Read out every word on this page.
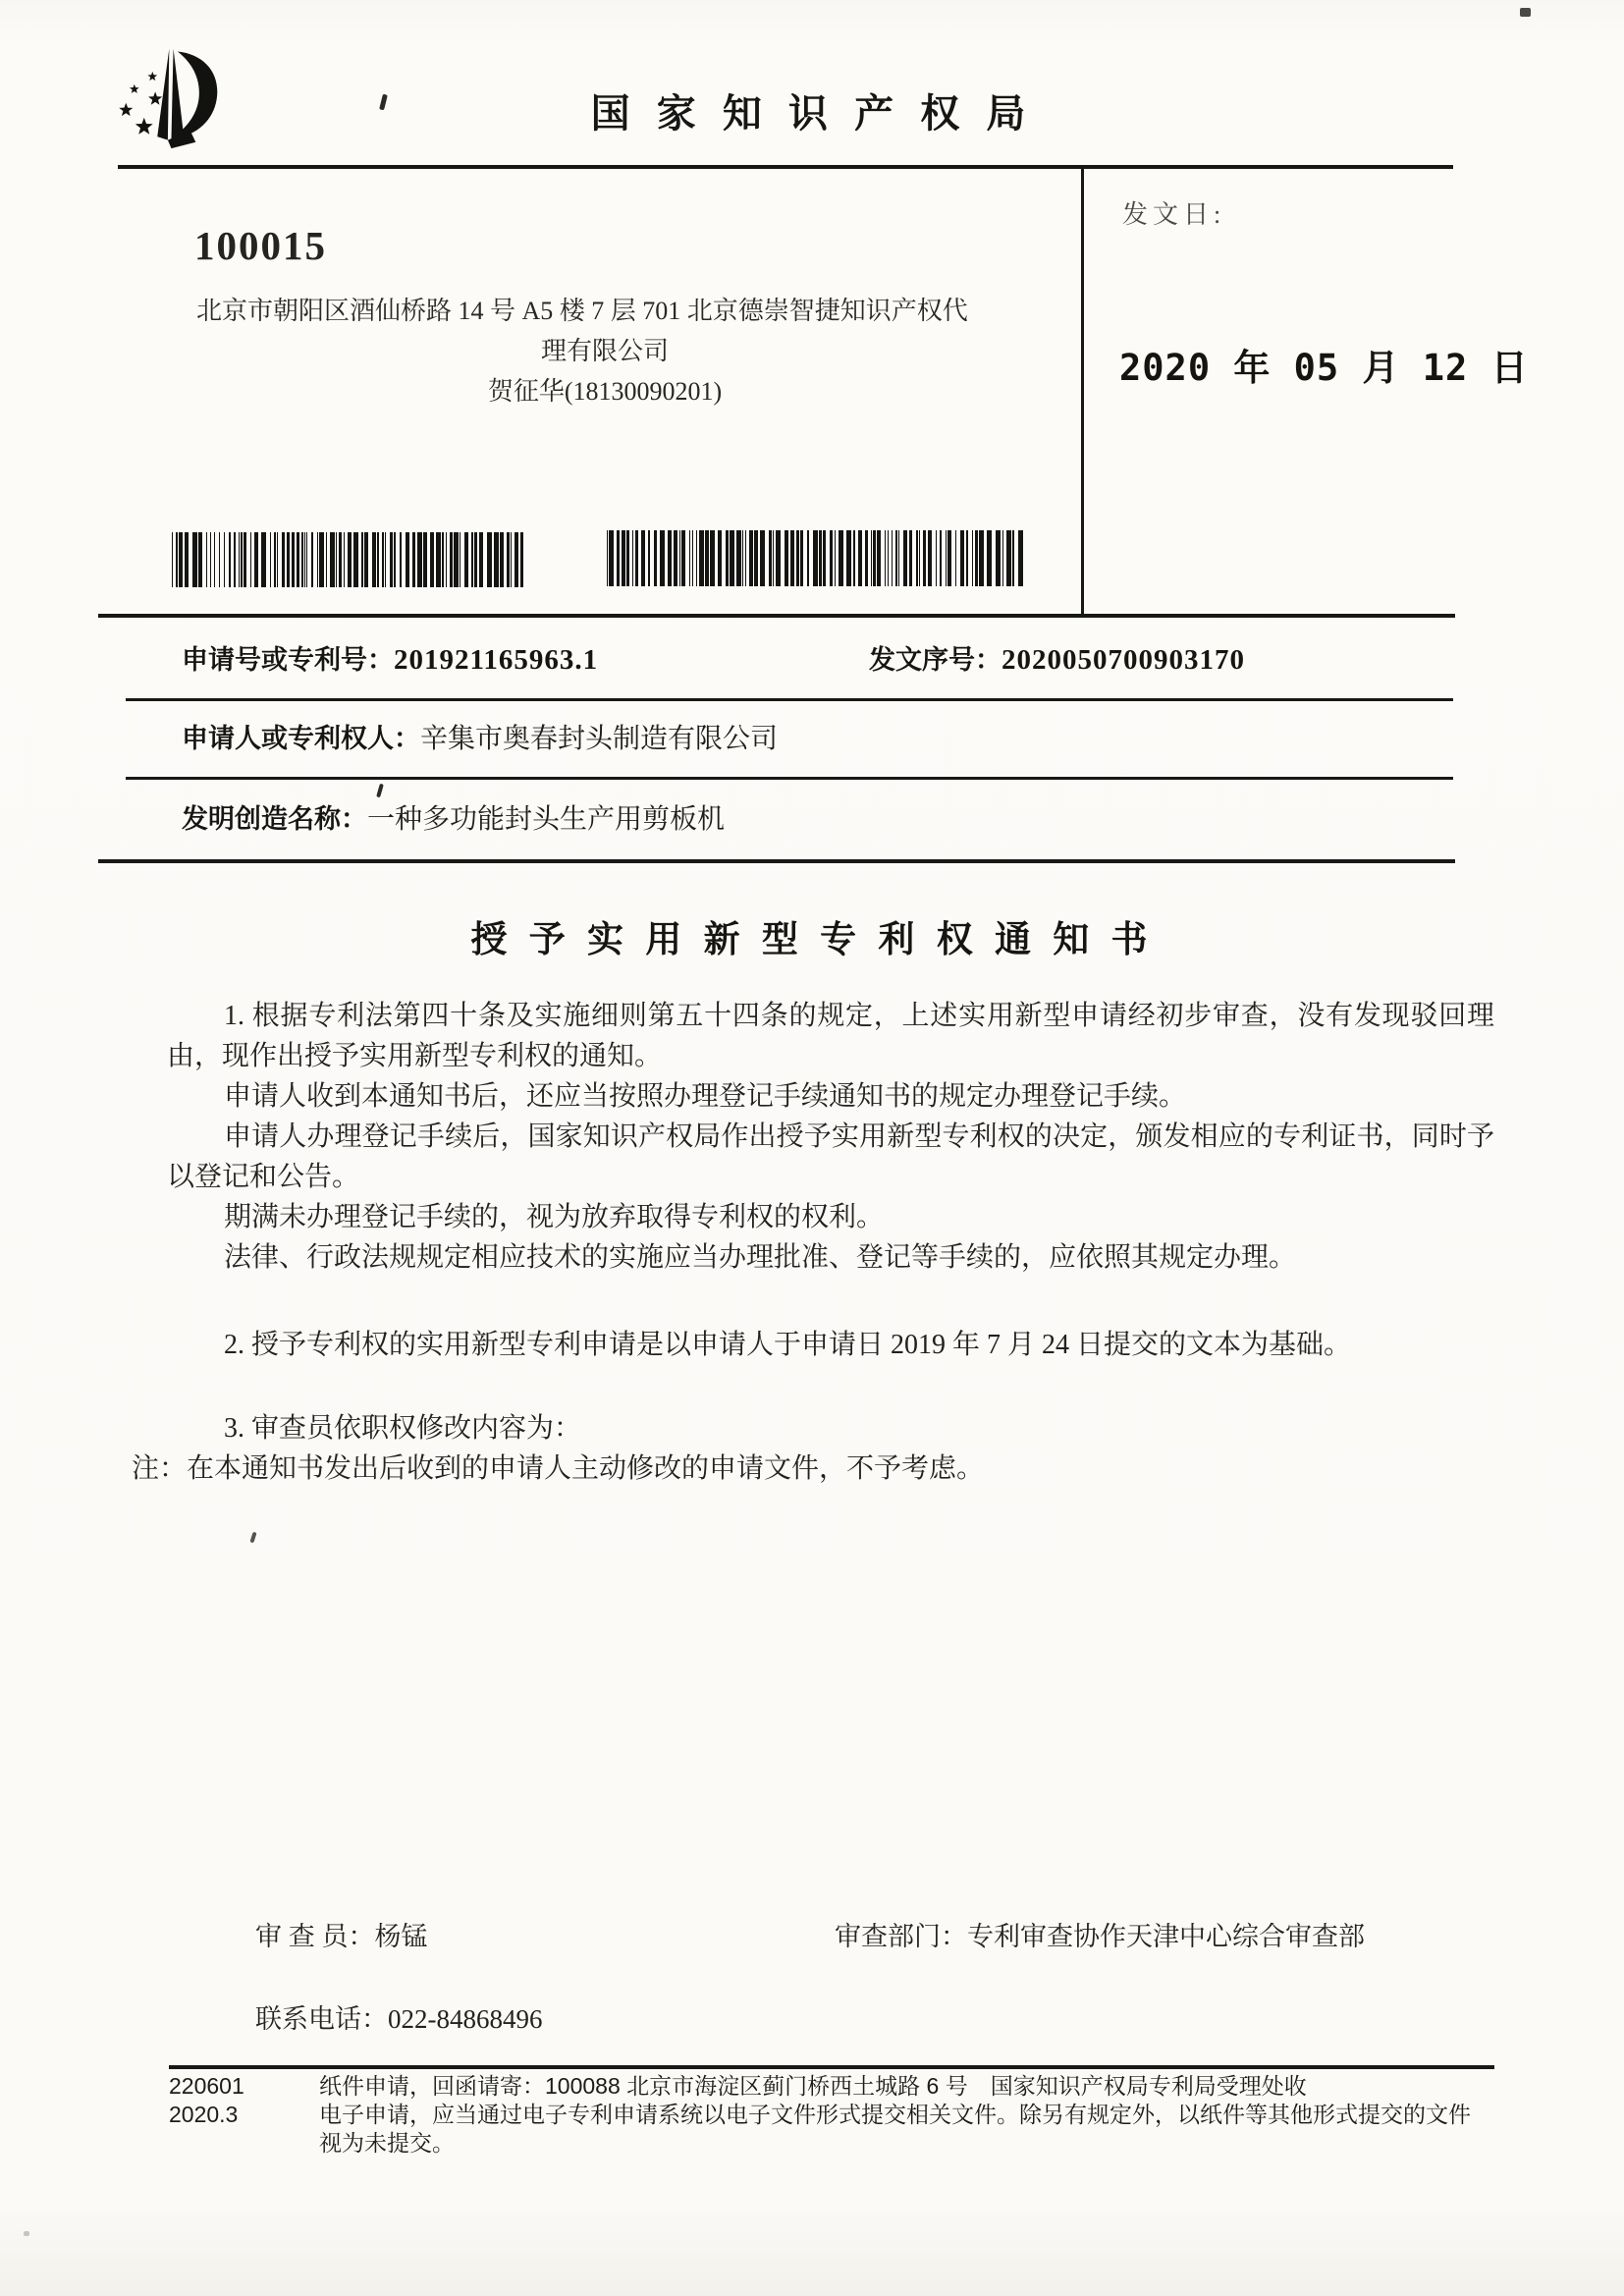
国 家 知 识 产 权 局
100015
北京市朝阳区酒仙桥路 14 号 A5 楼 7 层 701 北京德崇智捷知识产权代
理有限公司
贺征华(18130090201)
发文日:
2020 年 05 月 12 日
申请号或专利号：201921165963.1	发文序号：2020050700903170
申请人或专利权人：辛集市奥春封头制造有限公司
发明创造名称：一种多功能封头生产用剪板机
授 予 实 用 新 型 专 利 权 通 知 书

1. 根据专利法第四十条及实施细则第五十四条的规定，上述实用新型申请经初步审查，没有发现驳回理由，现作出授予实用新型专利权的通知。

申请人收到本通知书后，还应当按照办理登记手续通知书的规定办理登记手续。

申请人办理登记手续后，国家知识产权局作出授予实用新型专利权的决定，颁发相应的专利证书，同时予以登记和公告。

期满未办理登记手续的，视为放弃取得专利权的权利。

法律、行政法规规定相应技术的实施应当办理批准、登记等手续的，应依照其规定办理。

2. 授予专利权的实用新型专利申请是以申请人于申请日 2019 年 7 月 24 日提交的文本为基础。

3. 审查员依职权修改内容为：

注：在本通知书发出后收到的申请人主动修改的申请文件，不予考虑。

审 查 员：杨锰	审查部门：专利审查协作天津中心综合审查部
联系电话：022-84868496
220601
2020.3

纸件申请，回函请寄：100088 北京市海淀区蓟门桥西土城路 6 号　国家知识产权局专利局受理处收

电子申请，应当通过电子专利申请系统以电子文件形式提交相关文件。除另有规定外，以纸件等其他形式提交的文件视为未提交。
